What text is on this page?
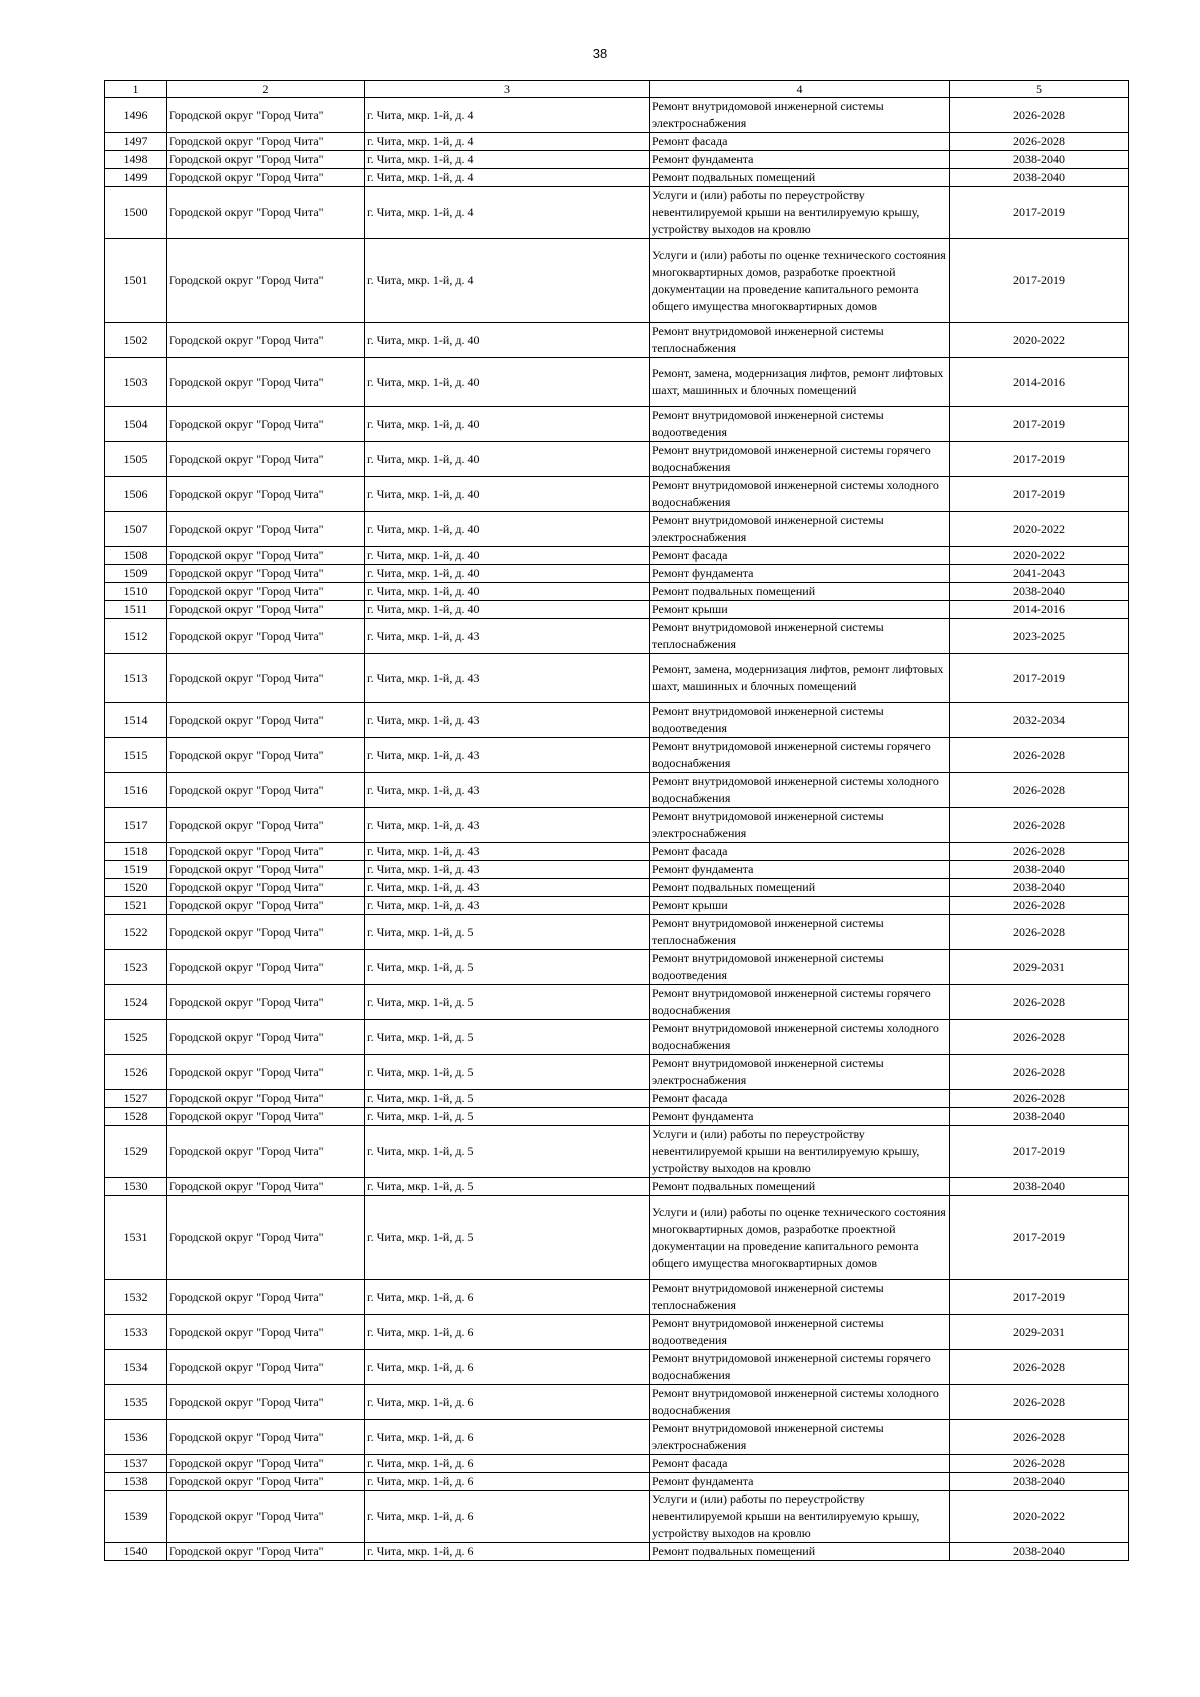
38
1	2	3	4	5
1496	Городской округ "Город Чита"	г. Чита, мкр. 1-й, д. 4	Ремонт внутридомовой инженерной системы электроснабжения	2026-2028
1497	Городской округ "Город Чита"	г. Чита, мкр. 1-й, д. 4	Ремонт фасада	2026-2028
1498	Городской округ "Город Чита"	г. Чита, мкр. 1-й, д. 4	Ремонт фундамента	2038-2040
1499	Городской округ "Город Чита"	г. Чита, мкр. 1-й, д. 4	Ремонт подвальных помещений	2038-2040
1500	Городской округ "Город Чита"	г. Чита, мкр. 1-й, д. 4	Услуги и (или) работы по переустройству невентилируемой крыши на вентилируемую крышу, устройству выходов на кровлю	2017-2019
1501	Городской округ "Город Чита"	г. Чита, мкр. 1-й, д. 4	Услуги и (или) работы по оценке технического состояния многоквартирных домов, разработке проектной документации на проведение капитального ремонта общего имущества многоквартирных домов	2017-2019
1502	Городской округ "Город Чита"	г. Чита, мкр. 1-й, д. 40	Ремонт внутридомовой инженерной системы теплоснабжения	2020-2022
1503	Городской округ "Город Чита"	г. Чита, мкр. 1-й, д. 40	Ремонт, замена, модернизация лифтов, ремонт лифтовых шахт, машинных и блочных помещений	2014-2016
1504	Городской округ "Город Чита"	г. Чита, мкр. 1-й, д. 40	Ремонт внутридомовой инженерной системы водоотведения	2017-2019
1505	Городской округ "Город Чита"	г. Чита, мкр. 1-й, д. 40	Ремонт внутридомовой инженерной системы горячего водоснабжения	2017-2019
1506	Городской округ "Город Чита"	г. Чита, мкр. 1-й, д. 40	Ремонт внутридомовой инженерной системы холодного водоснабжения	2017-2019
1507	Городской округ "Город Чита"	г. Чита, мкр. 1-й, д. 40	Ремонт внутридомовой инженерной системы электроснабжения	2020-2022
1508	Городской округ "Город Чита"	г. Чита, мкр. 1-й, д. 40	Ремонт фасада	2020-2022
1509	Городской округ "Город Чита"	г. Чита, мкр. 1-й, д. 40	Ремонт фундамента	2041-2043
1510	Городской округ "Город Чита"	г. Чита, мкр. 1-й, д. 40	Ремонт подвальных помещений	2038-2040
1511	Городской округ "Город Чита"	г. Чита, мкр. 1-й, д. 40	Ремонт крыши	2014-2016
1512	Городской округ "Город Чита"	г. Чита, мкр. 1-й, д. 43	Ремонт внутридомовой инженерной системы теплоснабжения	2023-2025
1513	Городской округ "Город Чита"	г. Чита, мкр. 1-й, д. 43	Ремонт, замена, модернизация лифтов, ремонт лифтовых шахт, машинных и блочных помещений	2017-2019
1514	Городской округ "Город Чита"	г. Чита, мкр. 1-й, д. 43	Ремонт внутридомовой инженерной системы водоотведения	2032-2034
1515	Городской округ "Город Чита"	г. Чита, мкр. 1-й, д. 43	Ремонт внутридомовой инженерной системы горячего водоснабжения	2026-2028
1516	Городской округ "Город Чита"	г. Чита, мкр. 1-й, д. 43	Ремонт внутридомовой инженерной системы холодного водоснабжения	2026-2028
1517	Городской округ "Город Чита"	г. Чита, мкр. 1-й, д. 43	Ремонт внутридомовой инженерной системы электроснабжения	2026-2028
1518	Городской округ "Город Чита"	г. Чита, мкр. 1-й, д. 43	Ремонт фасада	2026-2028
1519	Городской округ "Город Чита"	г. Чита, мкр. 1-й, д. 43	Ремонт фундамента	2038-2040
1520	Городской округ "Город Чита"	г. Чита, мкр. 1-й, д. 43	Ремонт подвальных помещений	2038-2040
1521	Городской округ "Город Чита"	г. Чита, мкр. 1-й, д. 43	Ремонт крыши	2026-2028
1522	Городской округ "Город Чита"	г. Чита, мкр. 1-й, д. 5	Ремонт внутридомовой инженерной системы теплоснабжения	2026-2028
1523	Городской округ "Город Чита"	г. Чита, мкр. 1-й, д. 5	Ремонт внутридомовой инженерной системы водоотведения	2029-2031
1524	Городской округ "Город Чита"	г. Чита, мкр. 1-й, д. 5	Ремонт внутридомовой инженерной системы горячего водоснабжения	2026-2028
1525	Городской округ "Город Чита"	г. Чита, мкр. 1-й, д. 5	Ремонт внутридомовой инженерной системы холодного водоснабжения	2026-2028
1526	Городской округ "Город Чита"	г. Чита, мкр. 1-й, д. 5	Ремонт внутридомовой инженерной системы электроснабжения	2026-2028
1527	Городской округ "Город Чита"	г. Чита, мкр. 1-й, д. 5	Ремонт фасада	2026-2028
1528	Городской округ "Город Чита"	г. Чита, мкр. 1-й, д. 5	Ремонт фундамента	2038-2040
1529	Городской округ "Город Чита"	г. Чита, мкр. 1-й, д. 5	Услуги и (или) работы по переустройству невентилируемой крыши на вентилируемую крышу, устройству выходов на кровлю	2017-2019
1530	Городской округ "Город Чита"	г. Чита, мкр. 1-й, д. 5	Ремонт подвальных помещений	2038-2040
1531	Городской округ "Город Чита"	г. Чита, мкр. 1-й, д. 5	Услуги и (или) работы по оценке технического состояния многоквартирных домов, разработке проектной документации на проведение капитального ремонта общего имущества многоквартирных домов	2017-2019
1532	Городской округ "Город Чита"	г. Чита, мкр. 1-й, д. 6	Ремонт внутридомовой инженерной системы теплоснабжения	2017-2019
1533	Городской округ "Город Чита"	г. Чита, мкр. 1-й, д. 6	Ремонт внутридомовой инженерной системы водоотведения	2029-2031
1534	Городской округ "Город Чита"	г. Чита, мкр. 1-й, д. 6	Ремонт внутридомовой инженерной системы горячего водоснабжения	2026-2028
1535	Городской округ "Город Чита"	г. Чита, мкр. 1-й, д. 6	Ремонт внутридомовой инженерной системы холодного водоснабжения	2026-2028
1536	Городской округ "Город Чита"	г. Чита, мкр. 1-й, д. 6	Ремонт внутридомовой инженерной системы электроснабжения	2026-2028
1537	Городской округ "Город Чита"	г. Чита, мкр. 1-й, д. 6	Ремонт фасада	2026-2028
1538	Городской округ "Город Чита"	г. Чита, мкр. 1-й, д. 6	Ремонт фундамента	2038-2040
1539	Городской округ "Город Чита"	г. Чита, мкр. 1-й, д. 6	Услуги и (или) работы по переустройству невентилируемой крыши на вентилируемую крышу, устройству выходов на кровлю	2020-2022
1540	Городской округ "Город Чита"	г. Чита, мкр. 1-й, д. 6	Ремонт подвальных помещений	2038-2040
